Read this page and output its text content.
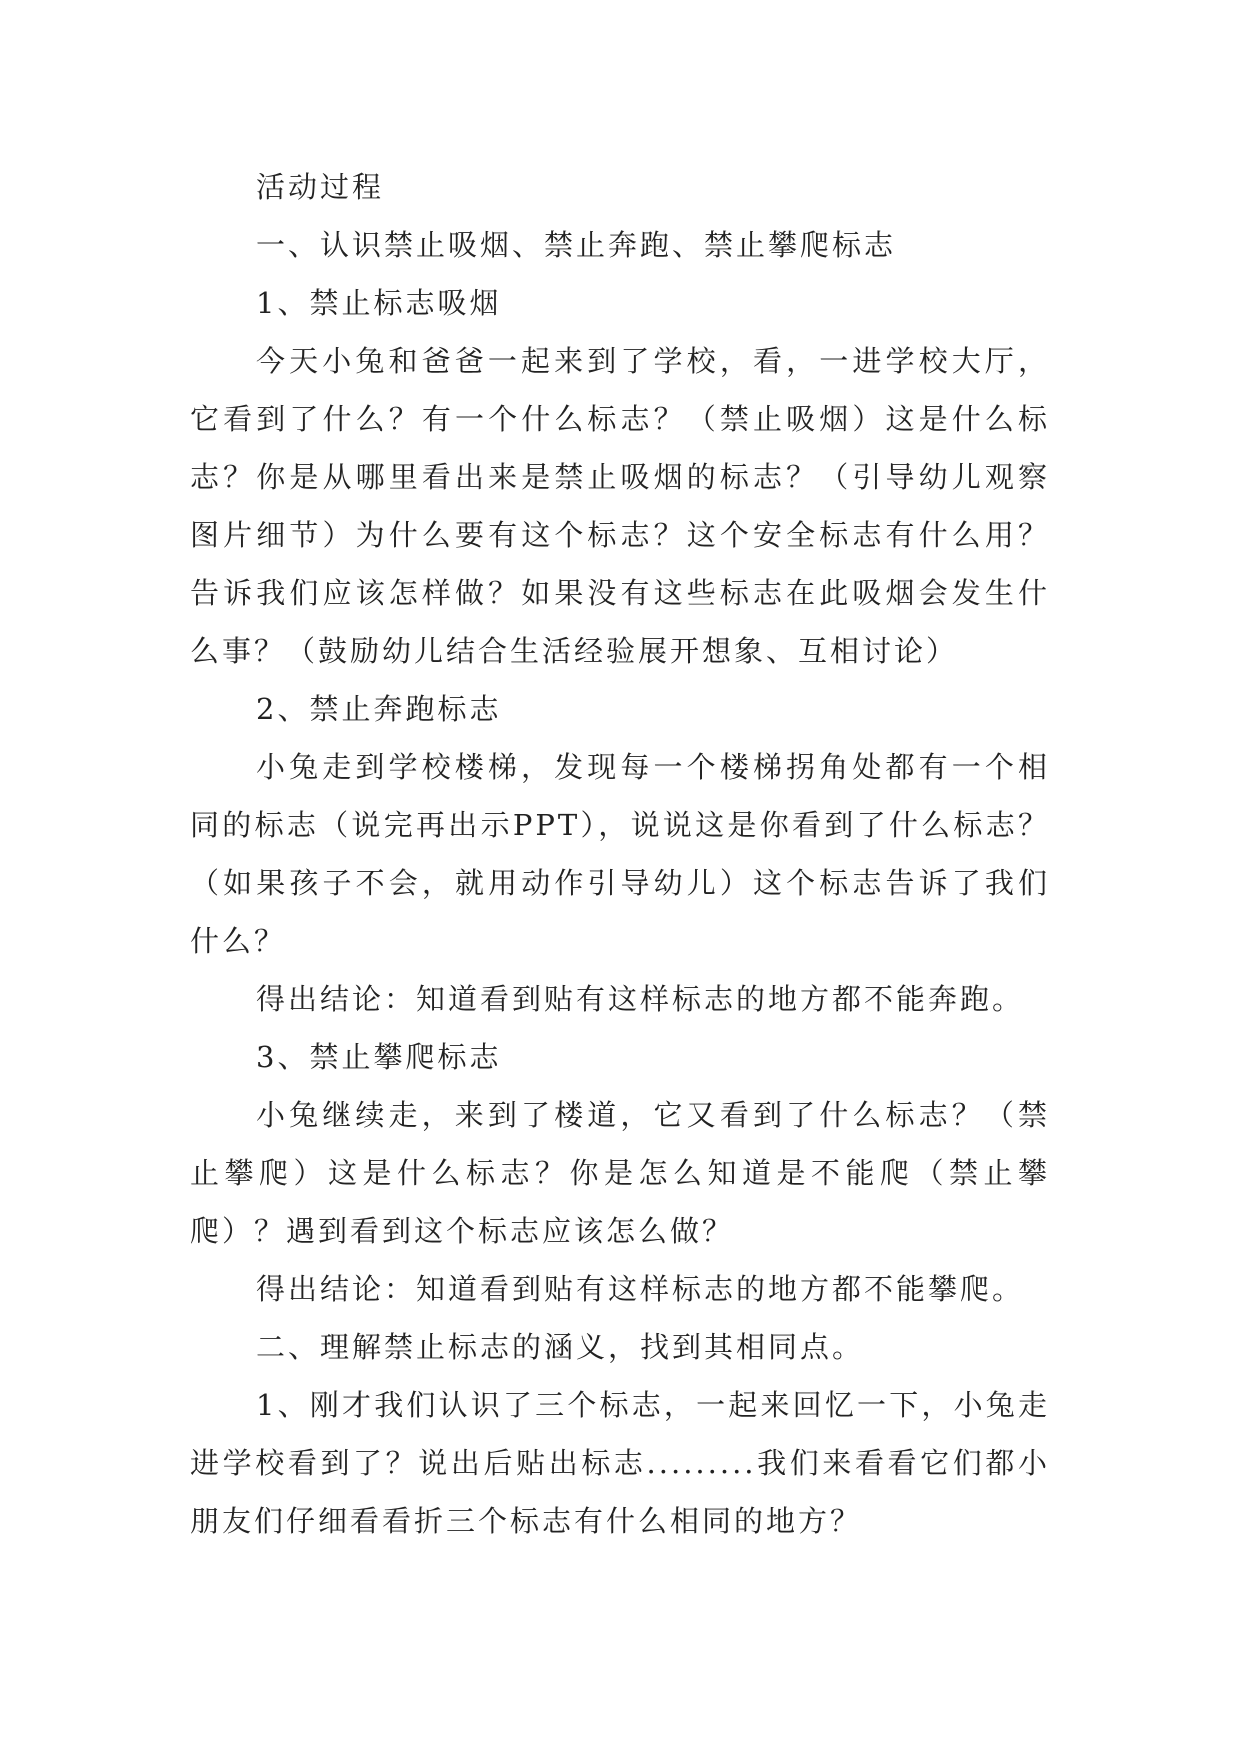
活动过程

一、认识禁止吸烟、禁止奔跑、禁止攀爬标志

1、禁止标志吸烟

今天小兔和爸爸一起来到了学校，看，一进学校大厅，它看到了什么？有一个什么标志？（禁止吸烟）这是什么标志？你是从哪里看出来是禁止吸烟的标志？（引导幼儿观察图片细节）为什么要有这个标志？这个安全标志有什么用？告诉我们应该怎样做？如果没有这些标志在此吸烟会发生什么事？（鼓励幼儿结合生活经验展开想象、互相讨论）

2、禁止奔跑标志

小兔走到学校楼梯，发现每一个楼梯拐角处都有一个相同的标志（说完再出示PPT），说说这是你看到了什么标志？（如果孩子不会，就用动作引导幼儿）这个标志告诉了我们什么？

得出结论：知道看到贴有这样标志的地方都不能奔跑。

3、禁止攀爬标志

小兔继续走，来到了楼道，它又看到了什么标志？（禁止攀爬）这是什么标志？你是怎么知道是不能爬（禁止攀爬）？遇到看到这个标志应该怎么做？

得出结论：知道看到贴有这样标志的地方都不能攀爬。

二、理解禁止标志的涵义，找到其相同点。

1、刚才我们认识了三个标志，一起来回忆一下，小兔走进学校看到了？说出后贴出标志.........我们来看看它们都小朋友们仔细看看折三个标志有什么相同的地方？
